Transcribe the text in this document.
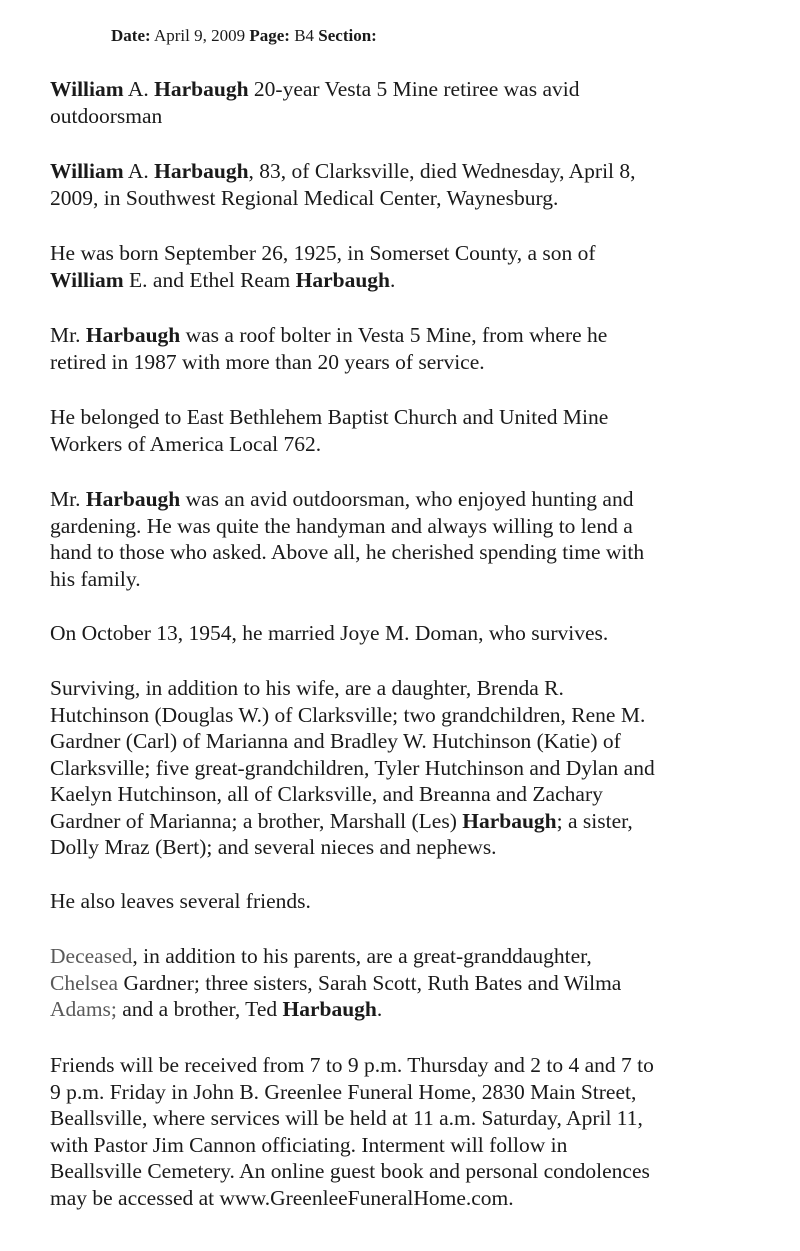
Date: April 9, 2009 Page: B4 Section:

William A. Harbaugh 20-year Vesta 5 Mine retiree was avid
outdoorsman

William A. Harbaugh, 83, of Clarksville, died Wednesday, April 8,
2009, in Southwest Regional Medical Center, Waynesburg.

He was born September 26, 1925, in Somerset County, a son of
William E. and Ethel Ream Harbaugh.

Mr. Harbaugh was a roof bolter in Vesta 5 Mine, from where he
retired in 1987 with more than 20 years of service.

He belonged to East Bethlehem Baptist Church and United Mine
Workers of America Local 762.

Mr. Harbaugh was an avid outdoorsman, who enjoyed hunting and
gardening. He was quite the handyman and always willing to lend a
hand to those who asked. Above all, he cherished spending time with
his family.

On October 13, 1954, he married Joye M. Doman, who survives.

Surviving, in addition to his wife, are a daughter, Brenda R.
Hutchinson (Douglas W.) of Clarksville; two grandchildren, Rene M.
Gardner (Carl) of Marianna and Bradley W. Hutchinson (Katie) of
Clarksville; five great-grandchildren, Tyler Hutchinson and Dylan and
Kaelyn Hutchinson, all of Clarksville, and Breanna and Zachary
Gardner of Marianna; a brother, Marshall (Les) Harbaugh; a sister,
Dolly Mraz (Bert); and several nieces and nephews.

He also leaves several friends.

Deceased, in addition to his parents, are a great-granddaughter,
Chelsea Gardner; three sisters, Sarah Scott, Ruth Bates and Wilma
Adams; and a brother, Ted Harbaugh.

Friends will be received from 7 to 9 p.m. Thursday and 2 to 4 and 7 to
9 p.m. Friday in John B. Greenlee Funeral Home, 2830 Main Street,
Beallsville, where services will be held at 11 a.m. Saturday, April 11,
with Pastor Jim Cannon officiating. Interment will follow in
Beallsville Cemetery. An online guest book and personal condolences
may be accessed at www.GreenleeFuneralHome.com.
